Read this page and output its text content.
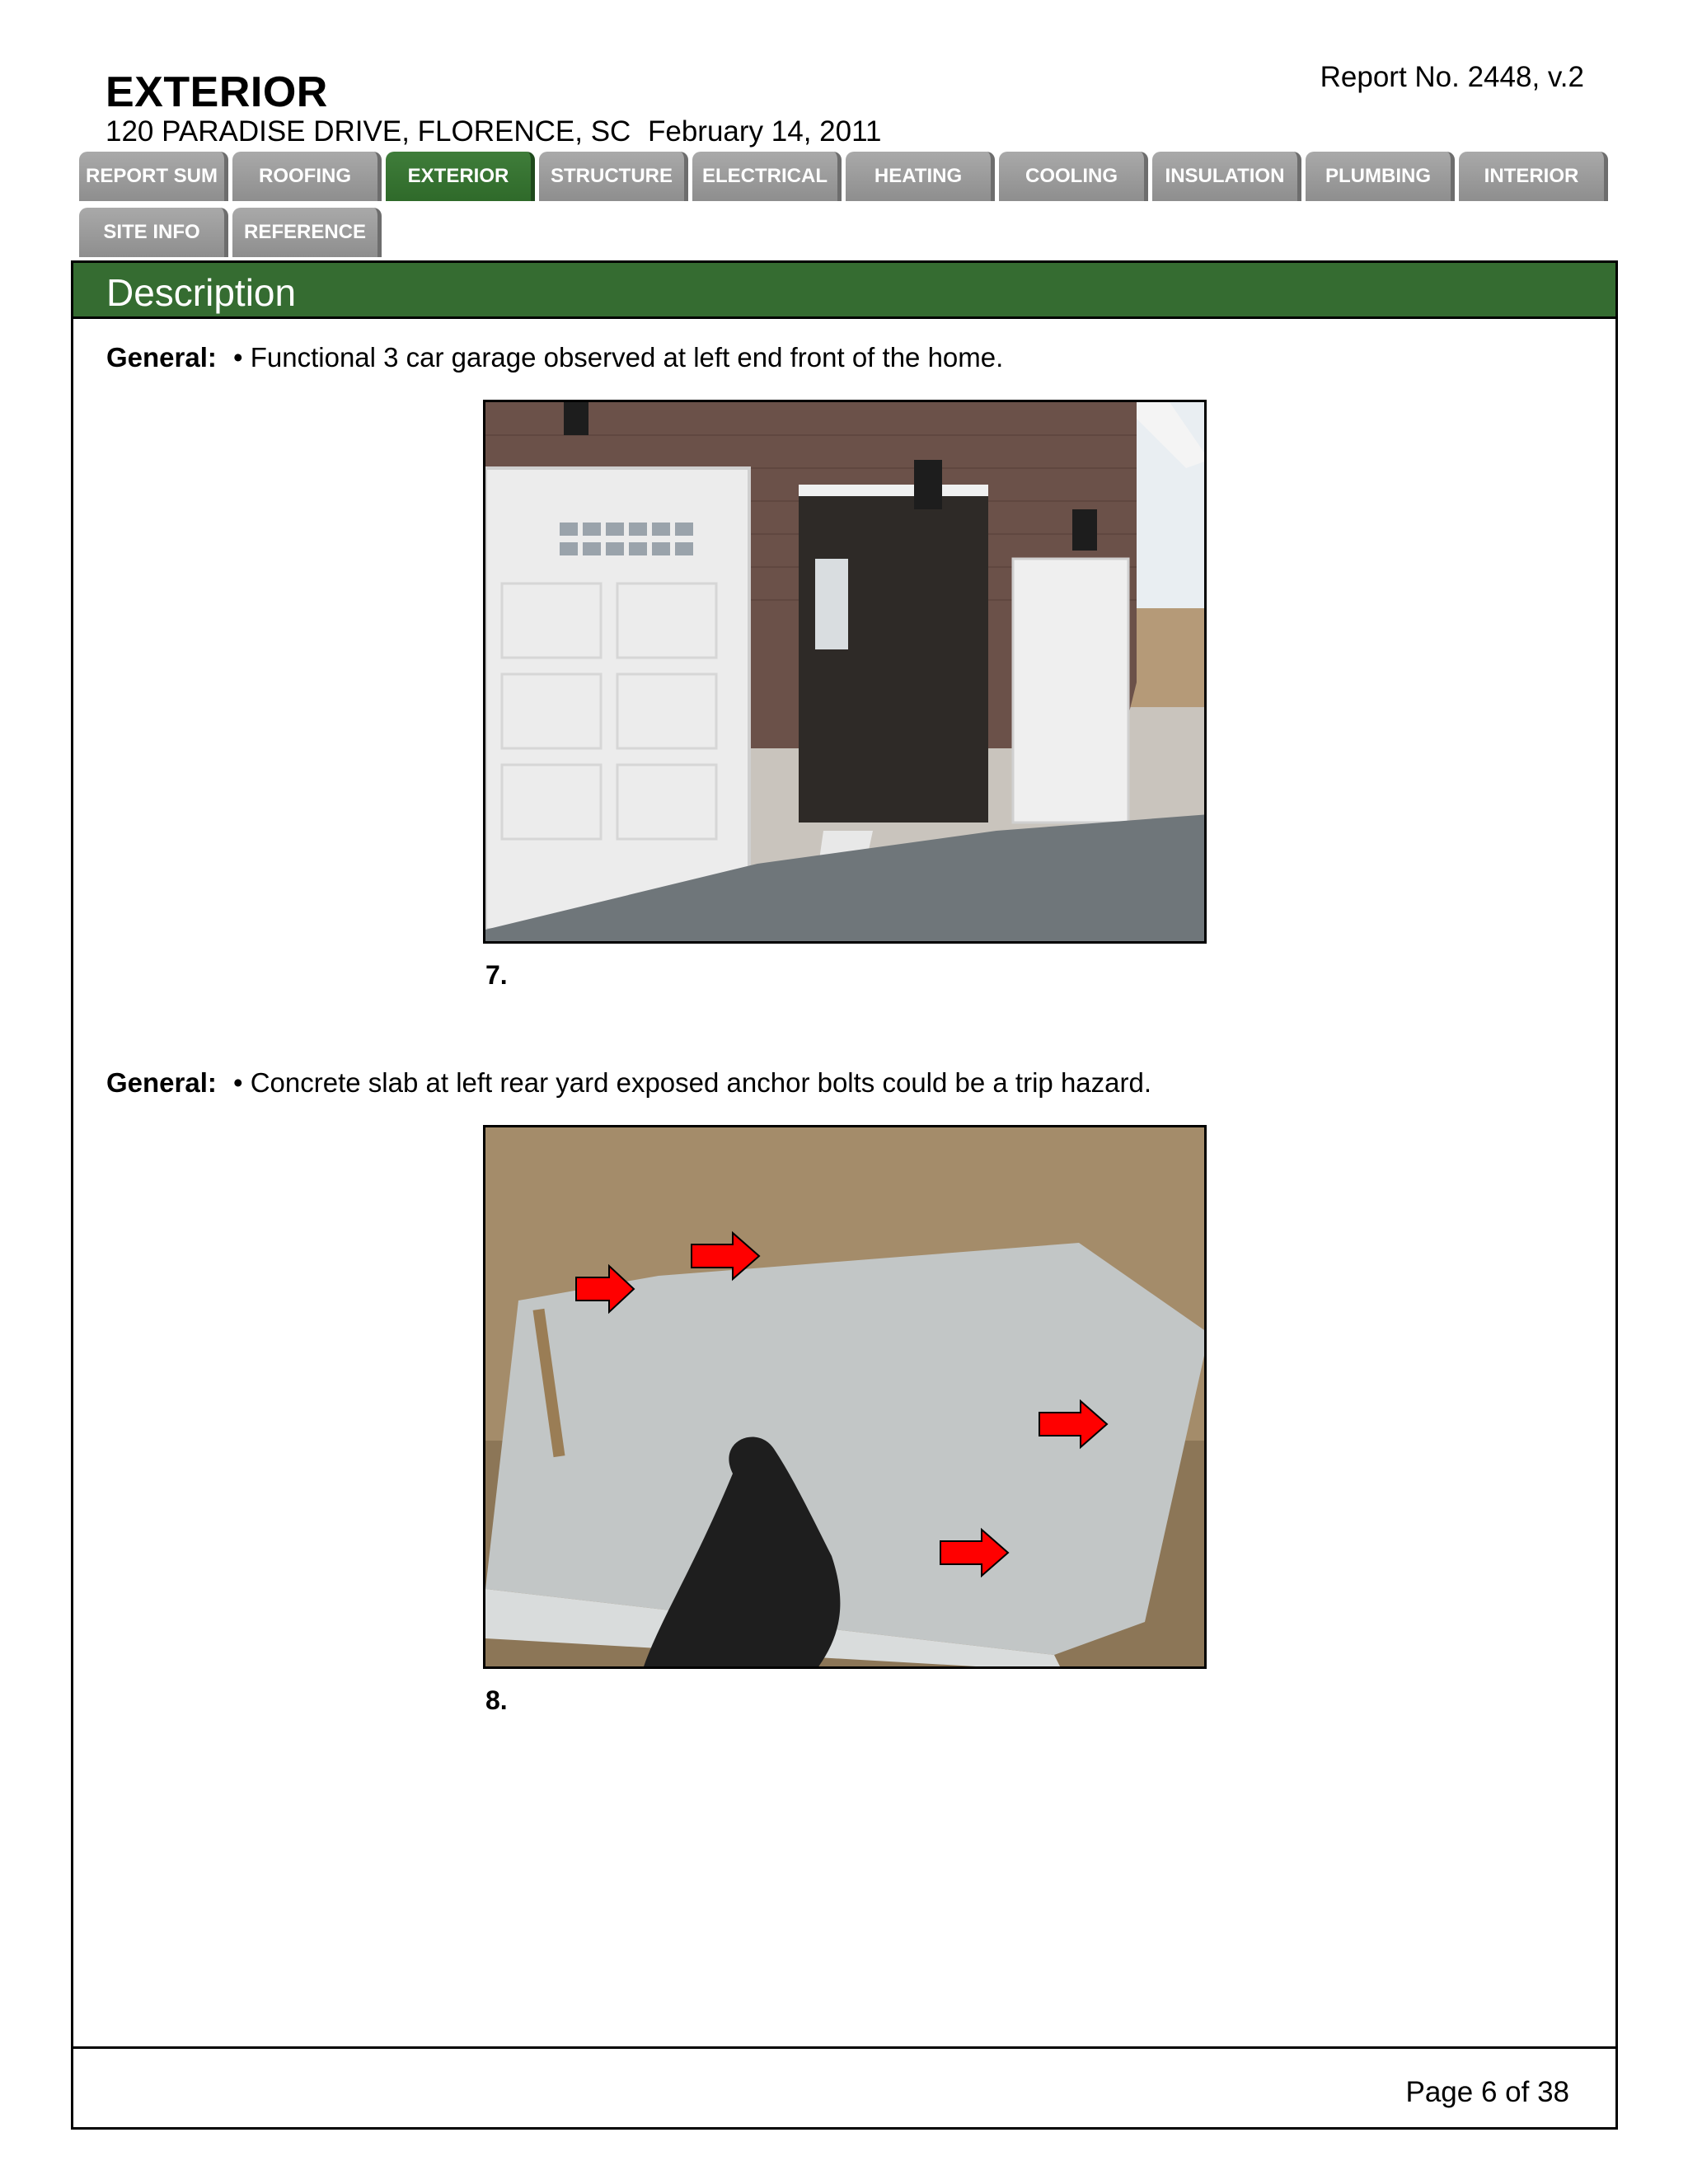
EXTERIOR
120 PARADISE DRIVE, FLORENCE, SC February 14, 2011
Report No. 2448, v.2
REPORT SUM	ROOFING	EXTERIOR	STRUCTURE	ELECTRICAL	HEATING	COOLING	INSULATION	PLUMBING	INTERIOR
SITE INFO	REFERENCE
Description
General: • Functional 3 car garage observed at left end front of the home.
7.
General: • Concrete slab at left rear yard exposed anchor bolts could be a trip hazard.
8.
Page 6 of 38
